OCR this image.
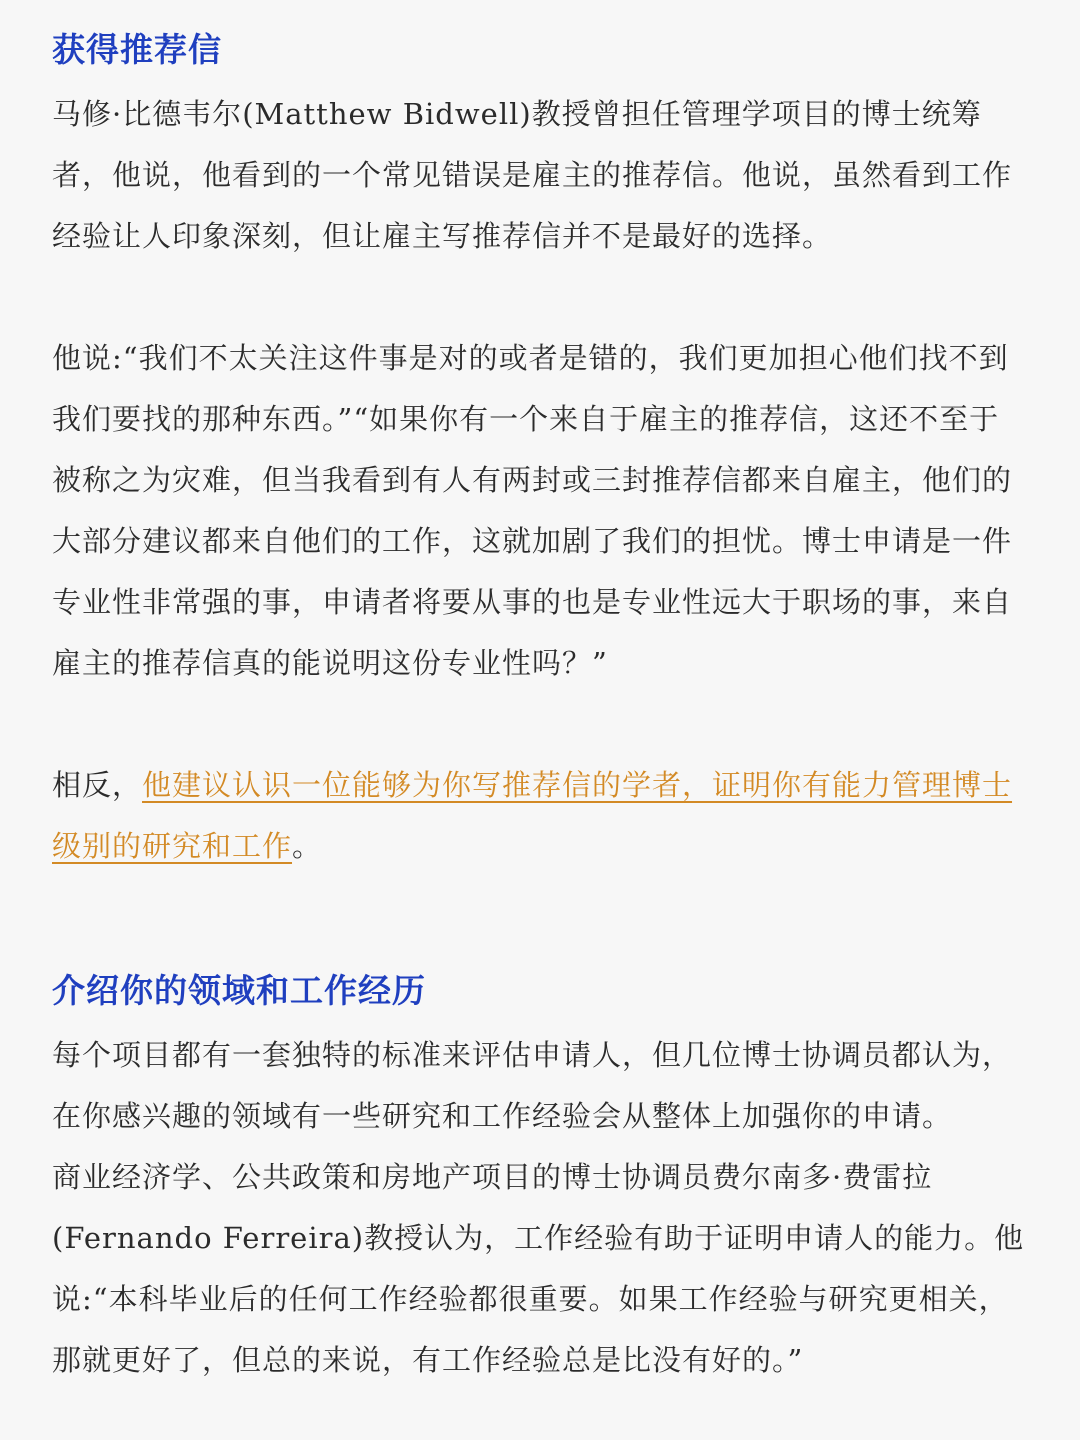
获得推荐信

马修·比德韦尔(Matthew Bidwell)教授曾担任管理学项目的博士统筹者，他说，他看到的一个常见错误是雇主的推荐信。他说，虽然看到工作经验让人印象深刻，但让雇主写推荐信并不是最好的选择。

他说:“我们不太关注这件事是对的或者是错的，我们更加担心他们找不到我们要找的那种东西。”“如果你有一个来自于雇主的推荐信，这还不至于被称之为灾难，但当我看到有人有两封或三封推荐信都来自雇主，他们的大部分建议都来自他们的工作，这就加剧了我们的担忧。博士申请是一件专业性非常强的事，申请者将要从事的也是专业性远大于职场的事，来自雇主的推荐信真的能说明这份专业性吗？”

相反，他建议认识一位能够为你写推荐信的学者，证明你有能力管理博士级别的研究和工作。

介绍你的领域和工作经历

每个项目都有一套独特的标准来评估申请人，但几位博士协调员都认为，在你感兴趣的领域有一些研究和工作经验会从整体上加强你的申请。

商业经济学、公共政策和房地产项目的博士协调员费尔南多·费雷拉(Fernando Ferreira)教授认为，工作经验有助于证明申请人的能力。他说:“本科毕业后的任何工作经验都很重要。如果工作经验与研究更相关，那就更好了，但总的来说，有工作经验总是比没有好的。”
